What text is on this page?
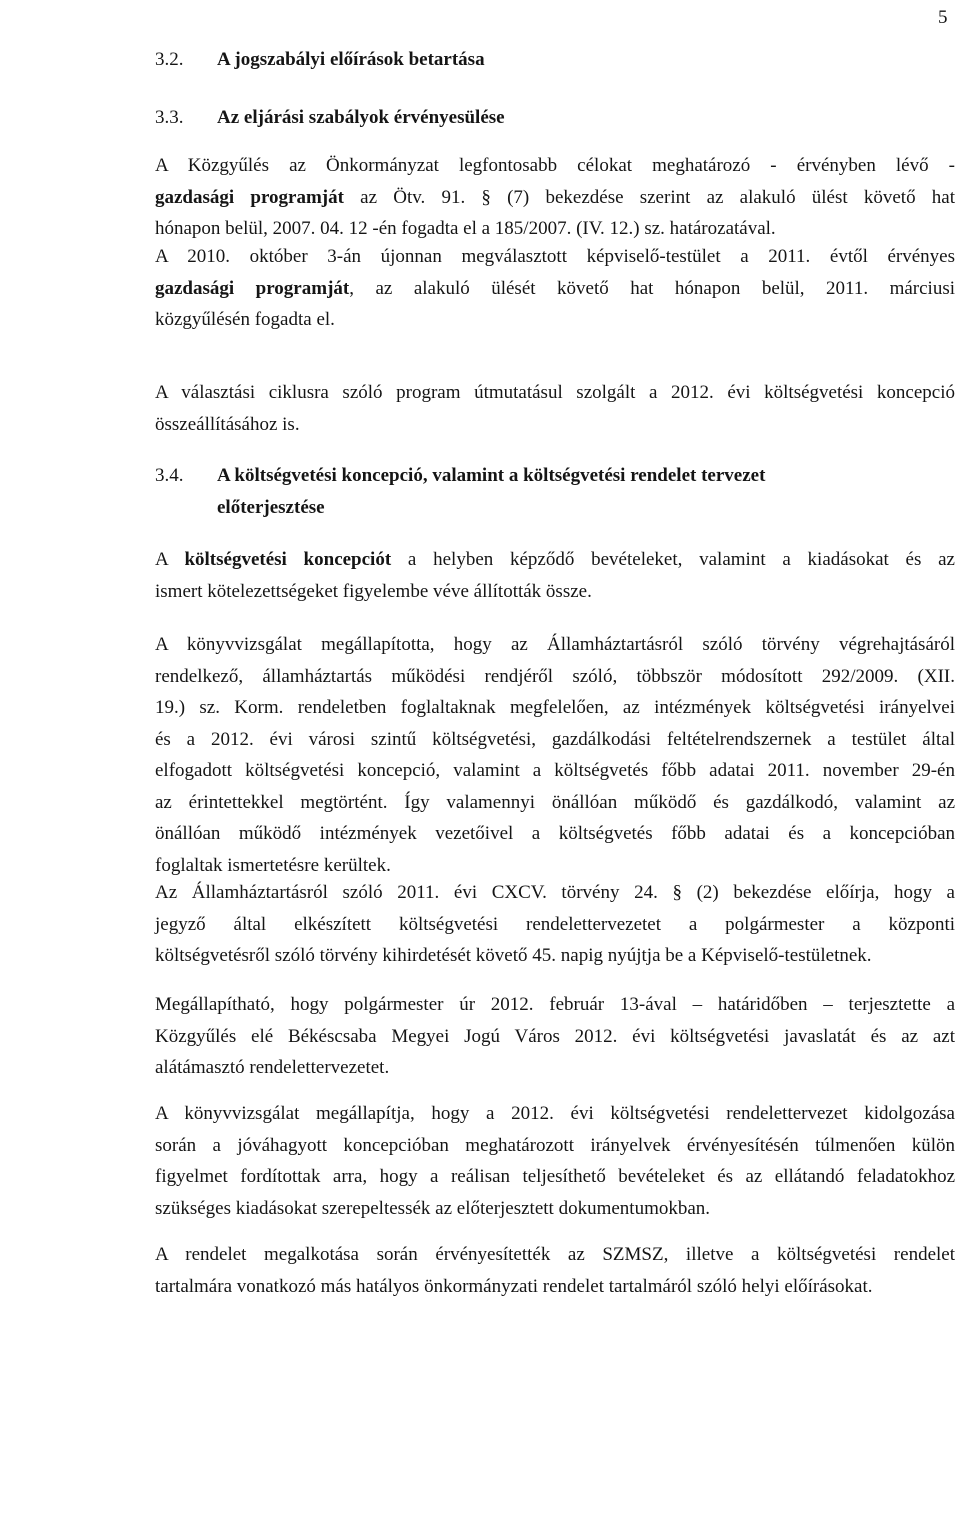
5
3.2. A jogszabályi előírások betartása
3.3. Az eljárási szabályok érvényesülése
A Közgyűlés az Önkormányzat legfontosabb célokat meghatározó - érvényben lévő -
gazdasági programját az Ötv. 91. § (7) bekezdése szerint az alakuló ülést követő hat
hónapon belül, 2007. 04. 12 -én fogadta el a 185/2007. (IV. 12.) sz. határozatával.
A 2010. október 3-án újonnan megválasztott képviselő-testület a 2011. évtől érvényes
gazdasági programját, az alakuló ülését követő hat hónapon belül, 2011. márciusi
közgyűlésén fogadta el.
A választási ciklusra szóló program útmutatásul szolgált a 2012. évi költségvetési koncepció
összeállításához is.
3.4.	A költségvetési koncepció, valamint a költségvetési rendelet tervezet
előterjesztése
A költségvetési koncepciót a helyben képződő bevételeket, valamint a kiadásokat és az
ismert kötelezettségeket figyelembe véve állították össze.
A könyvvizsgálat megállapította, hogy az Államháztartásról szóló törvény végrehajtásáról
rendelkező, államháztartás működési rendjéről szóló, többször módosított 292/2009. (XII.
19.) sz. Korm. rendeletben foglaltaknak megfelelően, az intézmények költségvetési irányelvei
és a 2012. évi városi szintű költségvetési, gazdálkodási feltételrendszernek a testület által
elfogadott költségvetési koncepció, valamint a költségvetés főbb adatai 2011. november 29-én
az érintettekkel megtörtént. Így valamennyi önállóan működő és gazdálkodó, valamint az
önállóan működő intézmények vezetőivel a költségvetés főbb adatai és a koncepcióban
foglaltak ismertetésre kerültek.
Az Államháztartásról szóló 2011. évi CXCV. törvény 24. § (2) bekezdése előírja, hogy a
jegyző által elkészített költségvetési rendelettervezetet a polgármester a központi
költségvetésről szóló törvény kihirdetését követő 45. napig nyújtja be a Képviselő-testületnek.
Megállapítható, hogy polgármester úr 2012. február 13-ával – határidőben – terjesztette a
Közgyűlés elé Békéscsaba Megyei Jogú Város 2012. évi költségvetési javaslatát és az azt
alátámasztó rendelettervezetet.
A könyvvizsgálat megállapítja, hogy a 2012. évi költségvetési rendelettervezet kidolgozása
során a jóváhagyott koncepcióban meghatározott irányelvek érvényesítésén túlmenően külön
figyelmet fordítottak arra, hogy a reálisan teljesíthető bevételeket és az ellátandó feladatokhoz
szükséges kiadásokat szerepeltessék az előterjesztett dokumentumokban.
A rendelet megalkotása során érvényesítették az SZMSZ, illetve a költségvetési rendelet
tartalmára vonatkozó más hatályos önkormányzati rendelet tartalmáról szóló helyi előírásokat.
